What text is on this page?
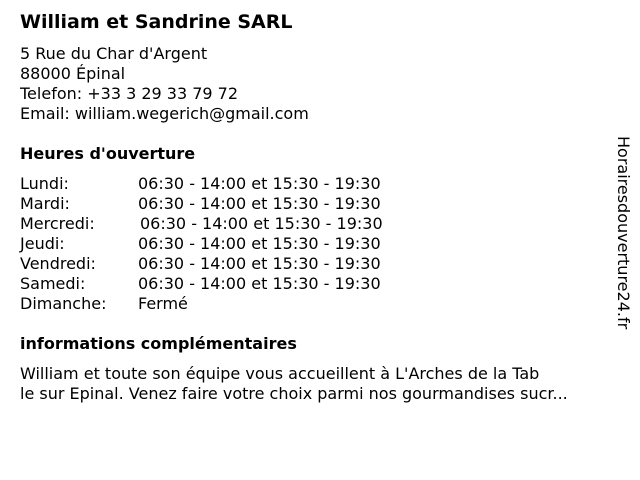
William et Sandrine SARL
5 Rue du Char d'Argent
88000 Épinal
Telefon: +33 3 29 33 79 72
Email: william.wegerich@gmail.com
Heures d'ouverture
Lundi:	06:30 - 14:00 et 15:30 - 19:30
Mardi:	06:30 - 14:00 et 15:30 - 19:30
Mercredi:	06:30 - 14:00 et 15:30 - 19:30
Jeudi:	06:30 - 14:00 et 15:30 - 19:30
Vendredi:	06:30 - 14:00 et 15:30 - 19:30
Samedi:	06:30 - 14:00 et 15:30 - 19:30
Dimanche: Fermé
informations complémentaires
William et toute son équipe vous accueillent à L'Arches de la Tab
le sur Epinal. Venez faire votre choix parmi nos gourmandises sucr...
Horairesdouverture24.fr
